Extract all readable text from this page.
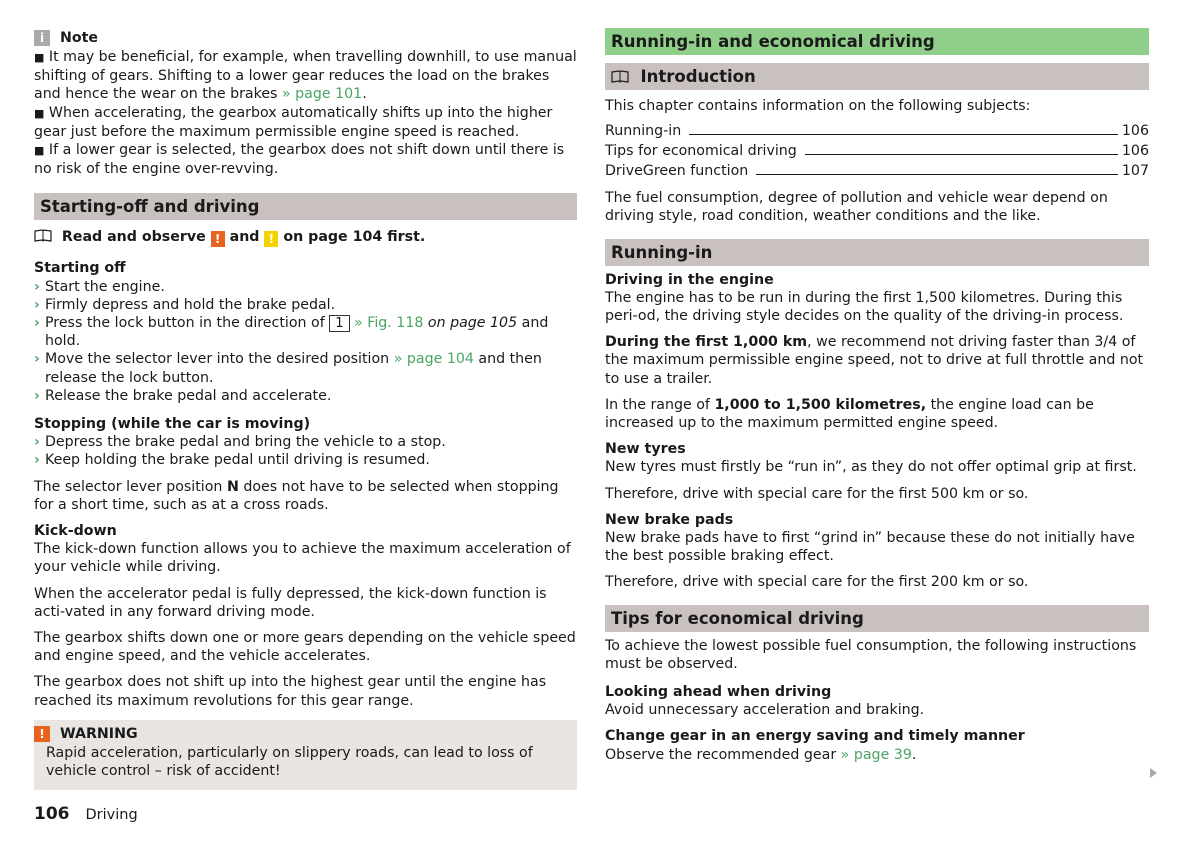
i	Note

■ It may be beneficial, for example, when travelling downhill, to use manual shifting of gears. Shifting to a lower gear reduces the load on the brakes and hence the wear on the brakes » page 101.

■ When accelerating, the gearbox automatically shifts up into the higher gear just before the maximum permissible engine speed is reached.

■ If a lower gear is selected, the gearbox does not shift down until there is no risk of the engine over-revving.

Starting-off and driving

Read and observe ! and ! on page 104 first.

Starting off

› Start the engine.

› Firmly depress and hold the brake pedal.

› Press the lock button in the direction of 1 » Fig. 118 on page 105 and hold.

› Move the selector lever into the desired position » page 104 and then release the lock button.

› Release the brake pedal and accelerate.

Stopping (while the car is moving)

› Depress the brake pedal and bring the vehicle to a stop.

› Keep holding the brake pedal until driving is resumed.

The selector lever position N does not have to be selected when stopping for a short time, such as at a cross roads.

Kick-down

The kick-down function allows you to achieve the maximum acceleration of your vehicle while driving.

When the accelerator pedal is fully depressed, the kick-down function is acti-vated in any forward driving mode.

The gearbox shifts down one or more gears depending on the vehicle speed and engine speed, and the vehicle accelerates.

The gearbox does not shift up into the highest gear until the engine has reached its maximum revolutions for this gear range.

!	WARNING

Rapid acceleration, particularly on slippery roads, can lead to loss of vehicle control – risk of accident!

Running-in and economical driving
Introduction

This chapter contains information on the following subjects:

Running-in	106
Tips for economical driving	106
DriveGreen function	107

The fuel consumption, degree of pollution and vehicle wear depend on driving style, road condition, weather conditions and the like.

Running-in

Driving in the engine

The engine has to be run in during the first 1,500 kilometres. During this peri-od, the driving style decides on the quality of the driving-in process.

During the first 1,000 km, we recommend not driving faster than 3/4 of the maximum permissible engine speed, not to drive at full throttle and not to use a trailer.

In the range of 1,000 to 1,500 kilometres, the engine load can be increased up to the maximum permitted engine speed.

New tyres

New tyres must firstly be “run in”, as they do not offer optimal grip at first.

Therefore, drive with special care for the first 500 km or so.

New brake pads

New brake pads have to first “grind in” because these do not initially have the best possible braking effect.

Therefore, drive with special care for the first 200 km or so.

Tips for economical driving

To achieve the lowest possible fuel consumption, the following instructions must be observed.

Looking ahead when driving

Avoid unnecessary acceleration and braking.

Change gear in an energy saving and timely manner

Observe the recommended gear » page 39.

106 Driving
